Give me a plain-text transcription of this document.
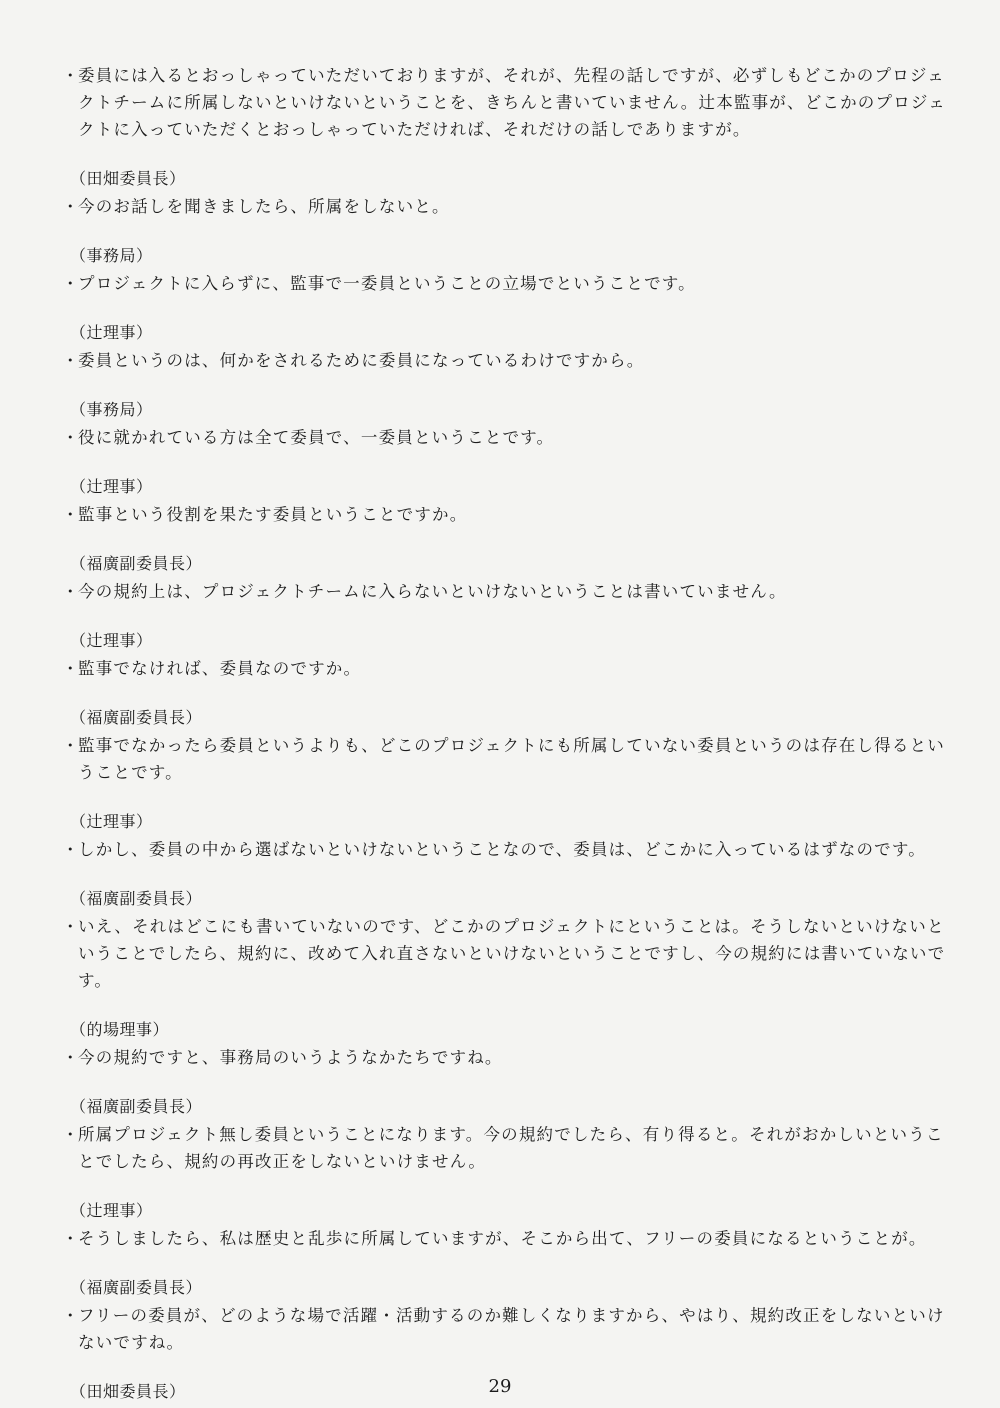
・
委員には入るとおっしゃっていただいておりますが、それが、先程の話しですが、必ずしもどこかのプロジェ
クトチームに所属しないといけないということを、きちんと書いていません。辻本監事が、どこかのプロジェ
クトに入っていただくとおっしゃっていただければ、それだけの話しでありますが。
（田畑委員長）
・
今のお話しを聞きましたら、所属をしないと。
（事務局）
・
プロジェクトに入らずに、監事で一委員ということの立場でということです。
（辻理事）
・
委員というのは、何かをされるために委員になっているわけですから。
（事務局）
・
役に就かれている方は全て委員で、一委員ということです。
（辻理事）
・
監事という役割を果たす委員ということですか。
（福廣副委員長）
・
今の規約上は、プロジェクトチームに入らないといけないということは書いていません。
（辻理事）
・
監事でなければ、委員なのですか。
（福廣副委員長）
・
監事でなかったら委員というよりも、どこのプロジェクトにも所属していない委員というのは存在し得るとい
うことです。
（辻理事）
・
しかし、委員の中から選ばないといけないということなので、委員は、どこかに入っているはずなのです。
（福廣副委員長）
・
いえ、それはどこにも書いていないのです、どこかのプロジェクトにということは。そうしないといけないと
いうことでしたら、規約に、改めて入れ直さないといけないということですし、今の規約には書いていないで
す。
（的場理事）
・
今の規約ですと、事務局のいうようなかたちですね。
（福廣副委員長）
・
所属プロジェクト無し委員ということになります。今の規約でしたら、有り得ると。それがおかしいというこ
とでしたら、規約の再改正をしないといけません。
（辻理事）
・
そうしましたら、私は歴史と乱歩に所属していますが、そこから出て、フリーの委員になるということが。
（福廣副委員長）
・
フリーの委員が、どのような場で活躍・活動するのか難しくなりますから、やはり、規約改正をしないといけ
ないですね。
（田畑委員長）	29
